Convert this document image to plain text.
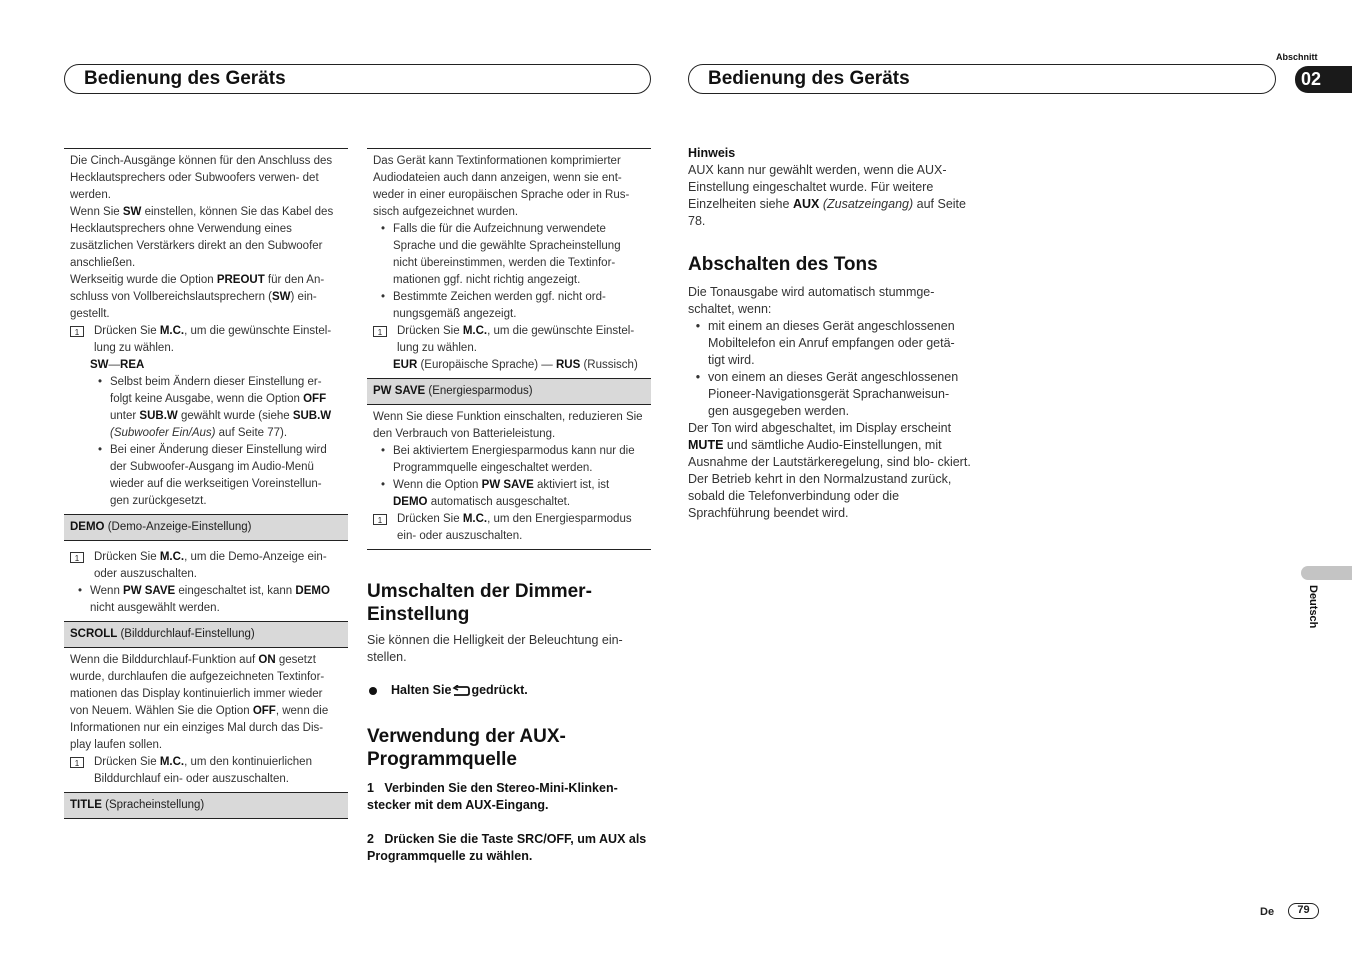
Bedienung des Geräts	Bedienung des Geräts
Abschnitt
02
Deutsch

Die Cinch-Ausgänge können für den Anschluss des Hecklautsprechers oder Subwoofers verwen- det werden.

Wenn Sie SW einstellen, können Sie das Kabel des Hecklautsprechers ohne Verwendung eines zusätzlichen Verstärkers direkt an den Subwoofer anschließen.

Werkseitig wurde die Option PREOUT für den An- schluss von Vollbereichslautsprechern (SW) ein- gestellt.

1	Drücken Sie M.C., um die gewünschte Einstel- lung zu wählen.

SW—REA

• Selbst beim Ändern dieser Einstellung er- folgt keine Ausgabe, wenn die Option OFF unter SUB.W gewählt wurde (siehe SUB.W (Subwoofer Ein/Aus) auf Seite 77).
• Bei einer Änderung dieser Einstellung wird der Subwoofer-Ausgang im Audio-Menü wieder auf die werkseitigen Voreinstellun- gen zurückgesetzt.
DEMO (Demo-Anzeige-Einstellung)
1	Drücken Sie M.C., um die Demo-Anzeige ein- oder auszuschalten.
• Wenn PW SAVE eingeschaltet ist, kann DEMO nicht ausgewählt werden.
SCROLL (Bilddurchlauf-Einstellung)

Wenn die Bilddurchlauf-Funktion auf ON gesetzt wurde, durchlaufen die aufgezeichneten Textinfor- mationen das Display kontinuierlich immer wieder von Neuem. Wählen Sie die Option OFF, wenn die Informationen nur ein einziges Mal durch das Dis- play laufen sollen.

1	Drücken Sie M.C., um den kontinuierlichen Bilddurchlauf ein- oder auszuschalten.
TITLE (Spracheinstellung)

Das Gerät kann Textinformationen komprimierter Audiodateien auch dann anzeigen, wenn sie ent- weder in einer europäischen Sprache oder in Rus- sisch aufgezeichnet wurden.

• Falls die für die Aufzeichnung verwendete Sprache und die gewählte Spracheinstellung nicht übereinstimmen, werden die Textinfor- mationen ggf. nicht richtig angezeigt.
• Bestimmte Zeichen werden ggf. nicht ord- nungsgemäß angezeigt.
1	Drücken Sie M.C., um die gewünschte Einstel- lung zu wählen.

EUR (Europäische Sprache) — RUS (Russisch)

PW SAVE (Energiesparmodus)

Wenn Sie diese Funktion einschalten, reduzieren Sie den Verbrauch von Batterieleistung.

• Bei aktiviertem Energiesparmodus kann nur die Programmquelle eingeschaltet werden.
• Wenn die Option PW SAVE aktiviert ist, ist DEMO automatisch ausgeschaltet.
1	Drücken Sie M.C., um den Energiesparmodus ein- oder auszuschalten.
Umschalten der Dimmer-
Einstellung

Sie können die Helligkeit der Beleuchtung ein- stellen.

Halten Sie gedrückt.
Verwendung der AUX-
Programmquelle
1 Verbinden Sie den Stereo-Mini-Klinken- stecker mit dem AUX-Eingang.
2 Drücken Sie die Taste SRC/OFF, um AUX als Programmquelle zu wählen.
Hinweis

AUX kann nur gewählt werden, wenn die AUX- Einstellung eingeschaltet wurde. Für weitere Einzelheiten siehe AUX (Zusatzeingang) auf Seite 78.

Abschalten des Tons

Die Tonausgabe wird automatisch stummge- schaltet, wenn:

• mit einem an dieses Gerät angeschlossenen Mobiltelefon ein Anruf empfangen oder getä- tigt wird.
• von einem an dieses Gerät angeschlossenen Pioneer-Navigationsgerät Sprachanweisun- gen ausgegeben werden.

Der Ton wird abgeschaltet, im Display erscheint MUTE und sämtliche Audio-Einstellungen, mit Ausnahme der Lautstärkeregelung, sind blo- ckiert. Der Betrieb kehrt in den Normalzustand zurück, sobald die Telefonverbindung oder die Sprachführung beendet wird.

De	79
